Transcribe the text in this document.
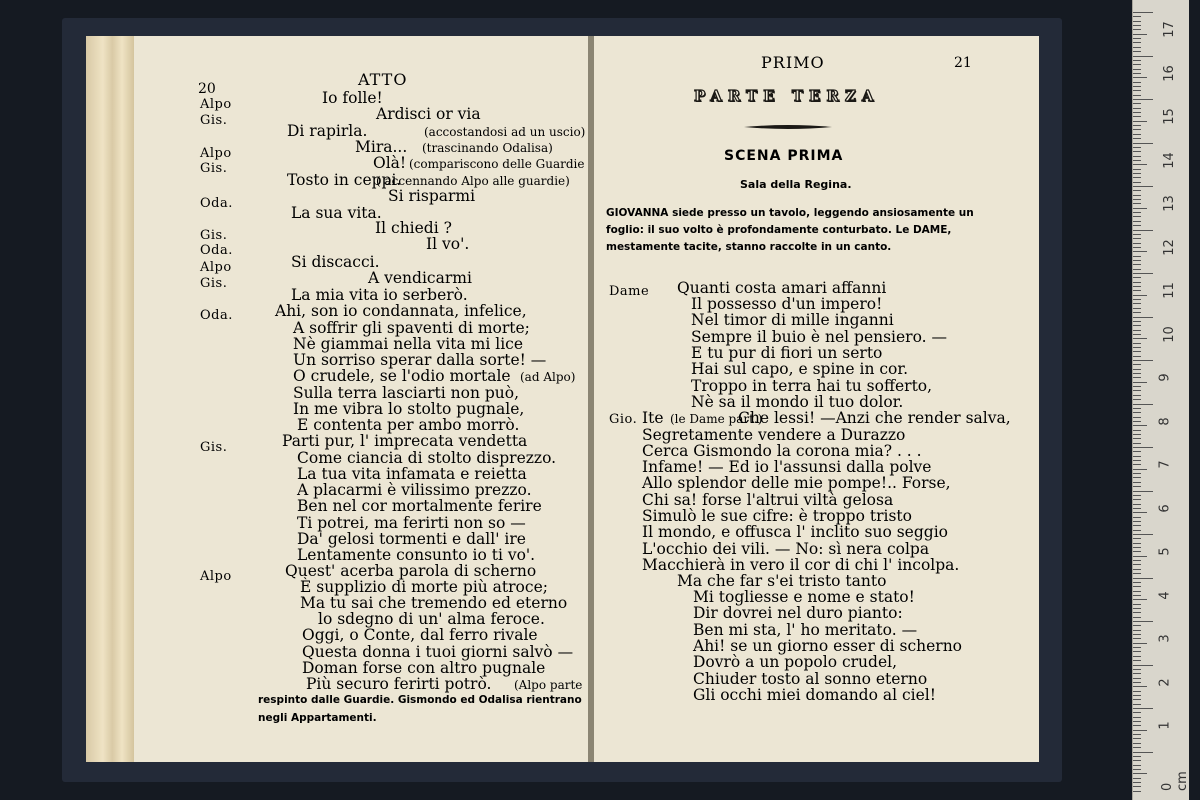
Alpo
Gis.
Alpo
Gis.
Oda.
Gis.
Oda.
Alpo
Gis.
Oda.
Gis.
Alpo
Io folle!
Ardisci or via
Di rapirla.
Mira...
Olà!
Tosto in ceppi.
Si risparmi
La sua vita.
Il chiedi ?
Il vo'.
Si discacci.
A vendicarmi
La mia vita io serberò.
Ahi, son io condannata, infelice,
A soffrir gli spaventi di morte;
Nè giammai nella vita mi lice
Un sorriso sperar dalla sorte! —
O crudele, se l'odio mortale
Sulla terra lasciarti non può,
In me vibra lo stolto pugnale,
E contenta per ambo morrò.
Parti pur, l' imprecata vendetta
Come ciancia di stolto disprezzo.
La tua vita infamata e reietta
A placarmi è vilissimo prezzo.
Ben nel cor mortalmente ferire
Ti potrei, ma ferirti non so —
Da' gelosi tormenti e dall' ire
Lentamente consunto io ti vo'.
Quest' acerba parola di scherno
È supplizio di morte più atroce;
Ma tu sai che tremendo ed eterno
lo sdegno di un' alma feroce.
Oggi, o Conte, dal ferro rivale
Questa donna i tuoi giorni salvò —
Doman forse con altro pugnale
Più securo ferirti potrò.
(accostandosi ad un uscio)
(trascinando Odalisa)
(compariscono delle Guardie
( accennando Alpo alle guardie)
(ad Alpo)
(Alpo parte
respinto dalle Guardie. Gismondo ed Odalisa rientrano
negli Appartamenti.
Dame
Gio.
Quanti costa amari affanni
Il possesso d'un impero!
Nel timor di mille inganni
Sempre il buio è nel pensiero. —
E tu pur di fiori un serto
Hai sul capo, e spine in cor.
Troppo in terra hai tu sofferto,
Nè sa il mondo il tuo dolor.
Che lessi! —Anzi che render salva,
Segretamente vendere a Durazzo
Cerca Gismondo la corona mia? . . .
Infame! — Ed io l'assunsi dalla polve
Allo splendor delle mie pompe!.. Forse,
Chi sa! forse l'altrui viltà gelosa
Simulò le sue cifre: è troppo tristo
Il mondo, e offusca l' inclito suo seggio
L'occhio dei vili. — No: sì nera colpa
Macchierà in vero il cor di chi l' incolpa.
Ma che far s'ei tristo tanto
Mi togliesse e nome e stato!
Dir dovrei nel duro pianto:
Ben mi sta, l' ho meritato. —
Ahi! se un giorno esser di scherno
Dovrò a un popolo crudel,
Chiuder tosto al sonno eterno
Gli occhi miei domando al ciel!
20	ATTO
PRIMO	21
PARTE TERZA
SCENA PRIMA
Sala della Regina.
GIOVANNA siede presso un tavolo, leggendo ansiosamente un
foglio: il suo volto è profondamente conturbato. Le DAME,
mestamente tacite, stanno raccolte in un canto.
Ite (le Dame part.)
17
16
15
14
13
12
11
10
9
8
7
6
5
4
3
2
1
0 cm
